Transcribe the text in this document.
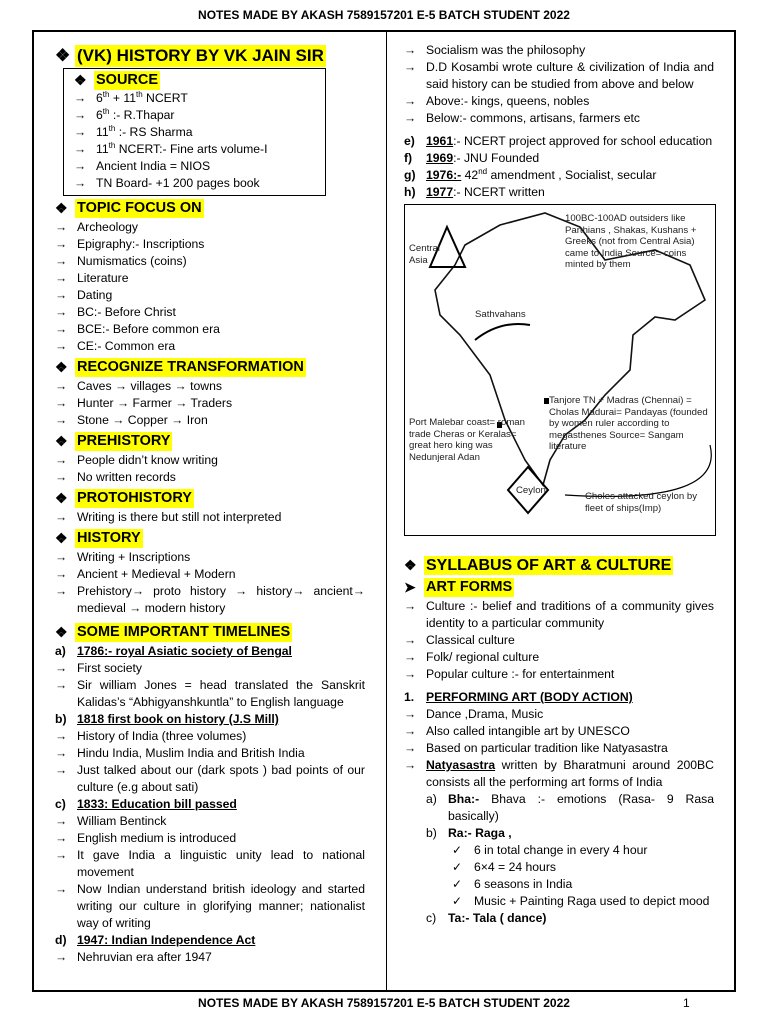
NOTES MADE BY AKASH 7589157201 E-5 BATCH STUDENT 2022
NOTES MADE BY AKASH 7589157201 E-5 BATCH STUDENT 2022	1
❖ (VK) HISTORY BY VK JAIN SIR
❖ SOURCE
→ 6th + 11th NCERT
→ 6th :- R.Thapar
→ 11th :- RS Sharma
→ 11th NCERT:- Fine arts volume-I
→ Ancient India = NIOS
→ TN Board- +1 200 pages book
❖ TOPIC FOCUS ON
→ Archeology
→ Epigraphy:- Inscriptions
→ Numismatics (coins)
→ Literature
→ Dating
→ BC:- Before Christ
→ BCE:- Before common era
→ CE:- Common era
❖ RECOGNIZE TRANSFORMATION
→ Caves → villages → towns
→ Hunter → Farmer → Traders
→ Stone → Copper → Iron
❖ PREHISTORY
→ People didn’t know writing
→ No written records
❖ PROTOHISTORY
→ Writing is there but still not interpreted
❖ HISTORY
→ Writing + Inscriptions
→ Ancient + Medieval + Modern
→ Prehistory→ proto history → history→ ancient→ medieval → modern history
❖ SOME IMPORTANT TIMELINES
a) 1786:- royal Asiatic society of Bengal
→ First society
→ Sir william Jones = head translated the Sanskrit Kalidas’s “Abhigyanshkuntla” to English language
b) 1818 first book on history (J.S Mill)
→ History of India (three volumes)
→ Hindu India, Muslim India and British India
→ Just talked about our (dark spots ) bad points of our culture (e.g about sati)
c) 1833: Education bill passed
→ William Bentinck
→ English medium is introduced
→ It gave India a linguistic unity lead to national movement
→ Now Indian understand british ideology and started writing our culture in glorifying manner; nationalist way of writing
d) 1947: Indian Independence Act
→ Nehruvian era after 1947
→ Socialism was the philosophy
→ D.D Kosambi wrote culture & civilization of India and said history can be studied from above and below
→ Above:- kings, queens, nobles
→ Below:- commons, artisans, farmers etc
e) 1961:- NCERT project approved for school education
f)	1969:- JNU Founded
g) 1976:- 42nd amendment , Socialist, secular
h) 1977:- NCERT written
100BC-100AD outsiders like Parthians , Shakas, Kushans + Greeks (not from Central Asia) came to India Source= coins minted by them
Central Asia
Sathvahans
Tanjore TN + Madras (Chennai) = Cholas Madurai= Pandayas (founded by women ruler according to megasthenes Source= Sangam literature
Port Malebar coast= roman trade Cheras or Keralas= great hero king was Nedunjeral Adan
Ceylon
Choles attacked ceylon by fleet of ships(Imp)
❖ SYLLABUS OF ART & CULTURE
➤ ART FORMS
→ Culture :- belief and traditions of a community gives identity to a particular community
→ Classical culture
→ Folk/ regional culture
→ Popular culture :- for entertainment
1. PERFORMING ART (BODY ACTION)
→ Dance ,Drama, Music
→ Also called intangible art by UNESCO
→ Based on particular tradition like Natyasastra
→ Natyasastra written by Bharatmuni around 200BC consists all the performing art forms of India
a) Bha:- Bhava :- emotions (Rasa- 9 Rasa basically)
b) Ra:- Raga ,
✓ 6 in total change in every 4 hour
✓ 6×4 = 24 hours
✓ 6 seasons in India
✓ Music + Painting Raga used to depict mood
c) Ta:- Tala ( dance)
